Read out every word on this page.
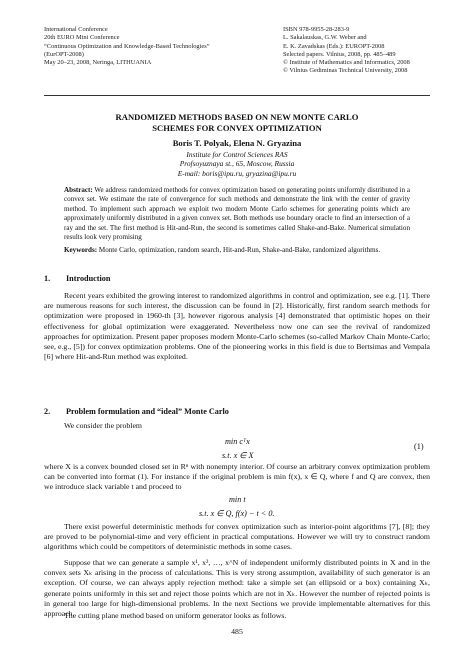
International Conference
20th EURO Mini Conference
“Continuous Optimization and Knowledge-Based Technologies”
(EurOPT-2008)
May 20–23, 2008, Neringa, LITHUANIA
ISBN 978-9955-28-283-9
L. Sakalauskas, G.W. Weber and
E. K. Zavadskas (Eds.): EUROPT-2008
Selected papers. Vilnius, 2008, pp. 485–489
© Institute of Mathematics and Informatics, 2008
© Vilnius Gediminas Technical University, 2008
RANDOMIZED METHODS BASED ON NEW MONTE CARLO
SCHEMES FOR CONVEX OPTIMIZATION
Boris T. Polyak, Elena N. Gryazina
Institute for Control Sciences RAS
Profsoyuznaya st., 65, Moscow, Russia
E-mail: boris@ipu.ru, gryazina@ipu.ru
Abstract: We address randomized methods for convex optimization based on generating points uniformly distributed in a convex set. We estimate the rate of convergence for such methods and demonstrate the link with the center of gravity method. To implement such approach we exploit two modern Monte Carlo schemes for generating points which are approximately uniformly distributed in a given convex set. Both methods use boundary oracle to find an intersection of a ray and the set. The first method is Hit-and-Run, the second is sometimes called Shake-and-Bake. Numerical simulation results look very promising
Keywords: Monte Carlo, optimization, random search, Hit-and-Run, Shake-and-Bake, randomized algorithms.
1. Introduction
Recent years exhibited the growing interest to randomized algorithms in control and optimization, see e.g. [1]. There are numerous reasons for such interest, the discussion can be found in [2]. Historically, first random search methods for optimization were proposed in 1960-th [3], however rigorous analysis [4] demonstrated that optimistic hopes on their effectiveness for global optimization were exaggerated. Nevertheless now one can see the revival of randomized approaches for optimization. Present paper proposes modern Monte-Carlo schemes (so-called Markov Chain Monte-Carlo; see, e.g., [5]) for convex optimization problems. One of the pioneering works in this field is due to Bertsimas and Vempala [6] where Hit-and-Run method was exploited.
2. Problem formulation and “ideal” Monte Carlo
We consider the problem
min cᵀx
s.t. x ∈ X
(1)
where X is a convex bounded closed set in Rⁿ with nonempty interior. Of course an arbitrary convex optimization problem can be converted into format (1). For instance if the original problem is min f(x), x ∈ Q, where f and Q are convex, then we introduce slack variable t and proceed to
min t
s.t. x ∈ Q, f(x) − t < 0.
There exist powerful deterministic methods for convex optimization such as interior-point algorithms [7], [8]; they are proved to be polynomial-time and very efficient in practical computations. However we will try to construct random algorithms which could be competitors of deterministic methods in some cases.
Suppose that we can generate a sample x¹, x², …, x^N of independent uniformly distributed points in X and in the convex sets Xₖ arising in the process of calculations. This is very strong assumption, availability of such generator is an exception. Of course, we can always apply rejection method: take a simple set (an ellipsoid or a box) containing Xₖ, generate points uniformly in this set and reject those points which are not in Xₖ. However the number of rejected points is in general too large for high-dimensional problems. In the next Sections we provide implementable alternatives for this approach.
The cutting plane method based on uniform generator looks as follows.
485
